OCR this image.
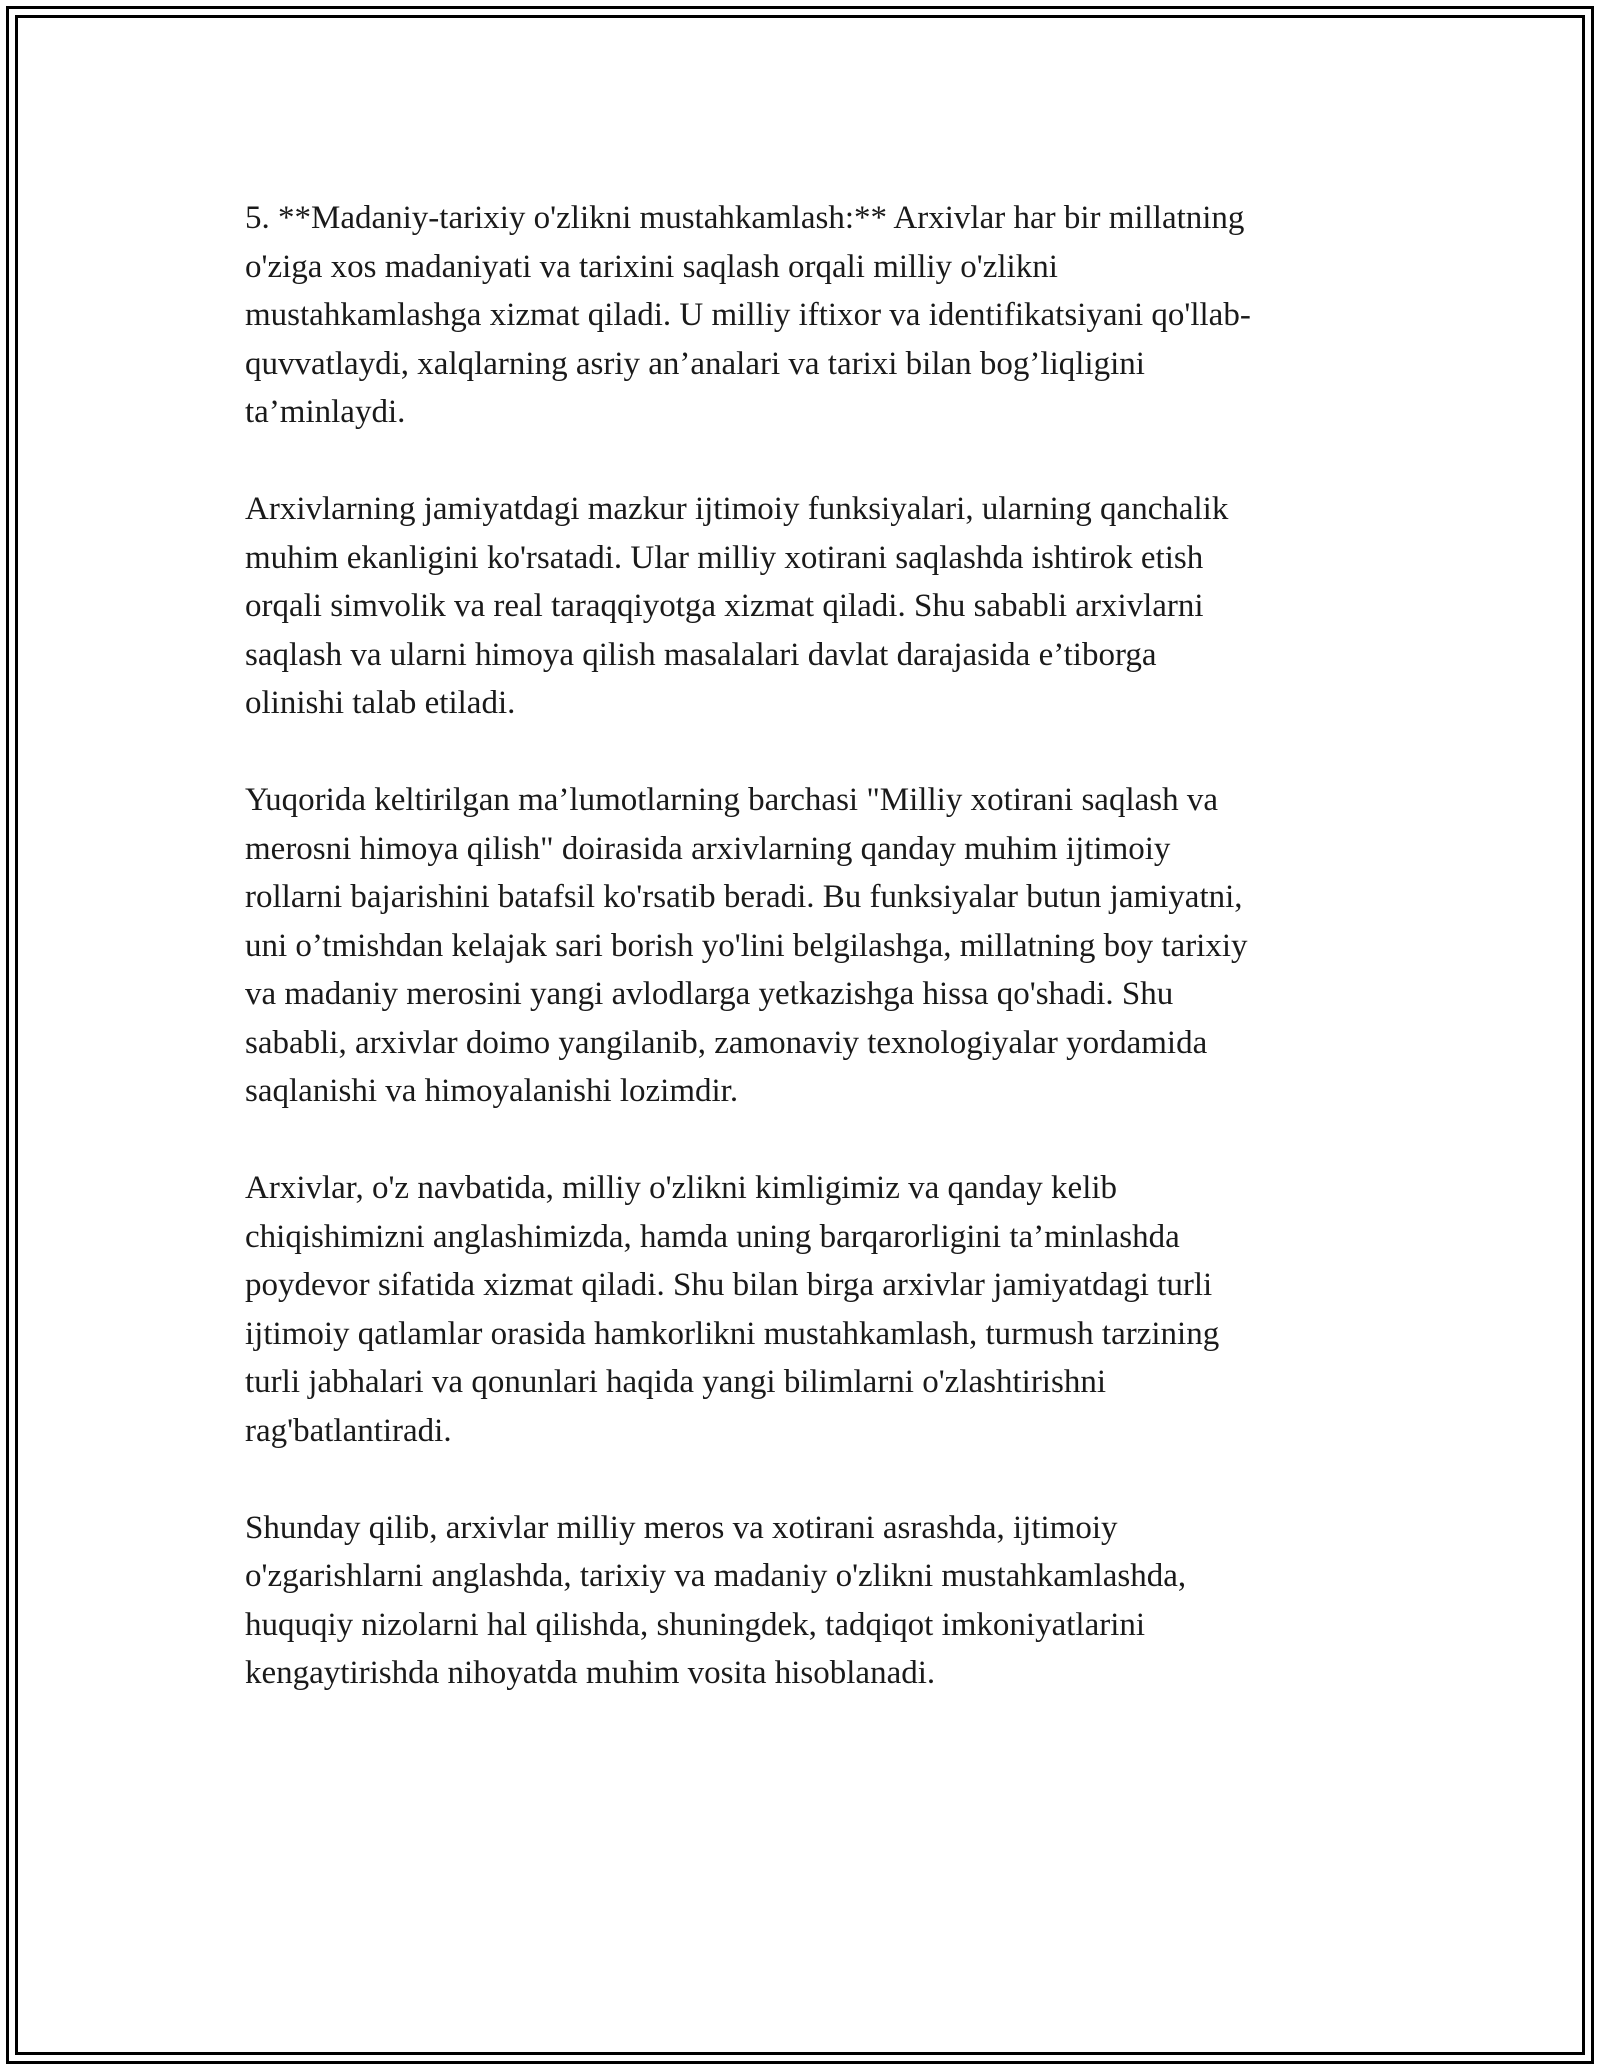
5. **Madaniy-tarixiy o'zlikni mustahkamlash:** Arxivlar har bir millatning
o'ziga xos madaniyati va tarixini saqlash orqali milliy o'zlikni
mustahkamlashga xizmat qiladi. U milliy iftixor va identifikatsiyani qo'llab-
quvvatlaydi, xalqlarning asriy an’analari va tarixi bilan bog’liqligini
ta’minlaydi.

Arxivlarning jamiyatdagi mazkur ijtimoiy funksiyalari, ularning qanchalik
muhim ekanligini ko'rsatadi. Ular milliy xotirani saqlashda ishtirok etish
orqali simvolik va real taraqqiyotga xizmat qiladi. Shu sababli arxivlarni
saqlash va ularni himoya qilish masalalari davlat darajasida e’tiborga
olinishi talab etiladi.

Yuqorida keltirilgan ma’lumotlarning barchasi "Milliy xotirani saqlash va
merosni himoya qilish" doirasida arxivlarning qanday muhim ijtimoiy
rollarni bajarishini batafsil ko'rsatib beradi. Bu funksiyalar butun jamiyatni,
uni o’tmishdan kelajak sari borish yo'lini belgilashga, millatning boy tarixiy
va madaniy merosini yangi avlodlarga yetkazishga hissa qo'shadi. Shu
sababli, arxivlar doimo yangilanib, zamonaviy texnologiyalar yordamida
saqlanishi va himoyalanishi lozimdir.

Arxivlar, o'z navbatida, milliy o'zlikni kimligimiz va qanday kelib
chiqishimizni anglashimizda, hamda uning barqarorligini ta’minlashda
poydevor sifatida xizmat qiladi. Shu bilan birga arxivlar jamiyatdagi turli
ijtimoiy qatlamlar orasida hamkorlikni mustahkamlash, turmush tarzining
turli jabhalari va qonunlari haqida yangi bilimlarni o'zlashtirishni
rag'batlantiradi.

Shunday qilib, arxivlar milliy meros va xotirani asrashda, ijtimoiy
o'zgarishlarni anglashda, tarixiy va madaniy o'zlikni mustahkamlashda,
huquqiy nizolarni hal qilishda, shuningdek, tadqiqot imkoniyatlarini
kengaytirishda nihoyatda muhim vosita hisoblanadi.
